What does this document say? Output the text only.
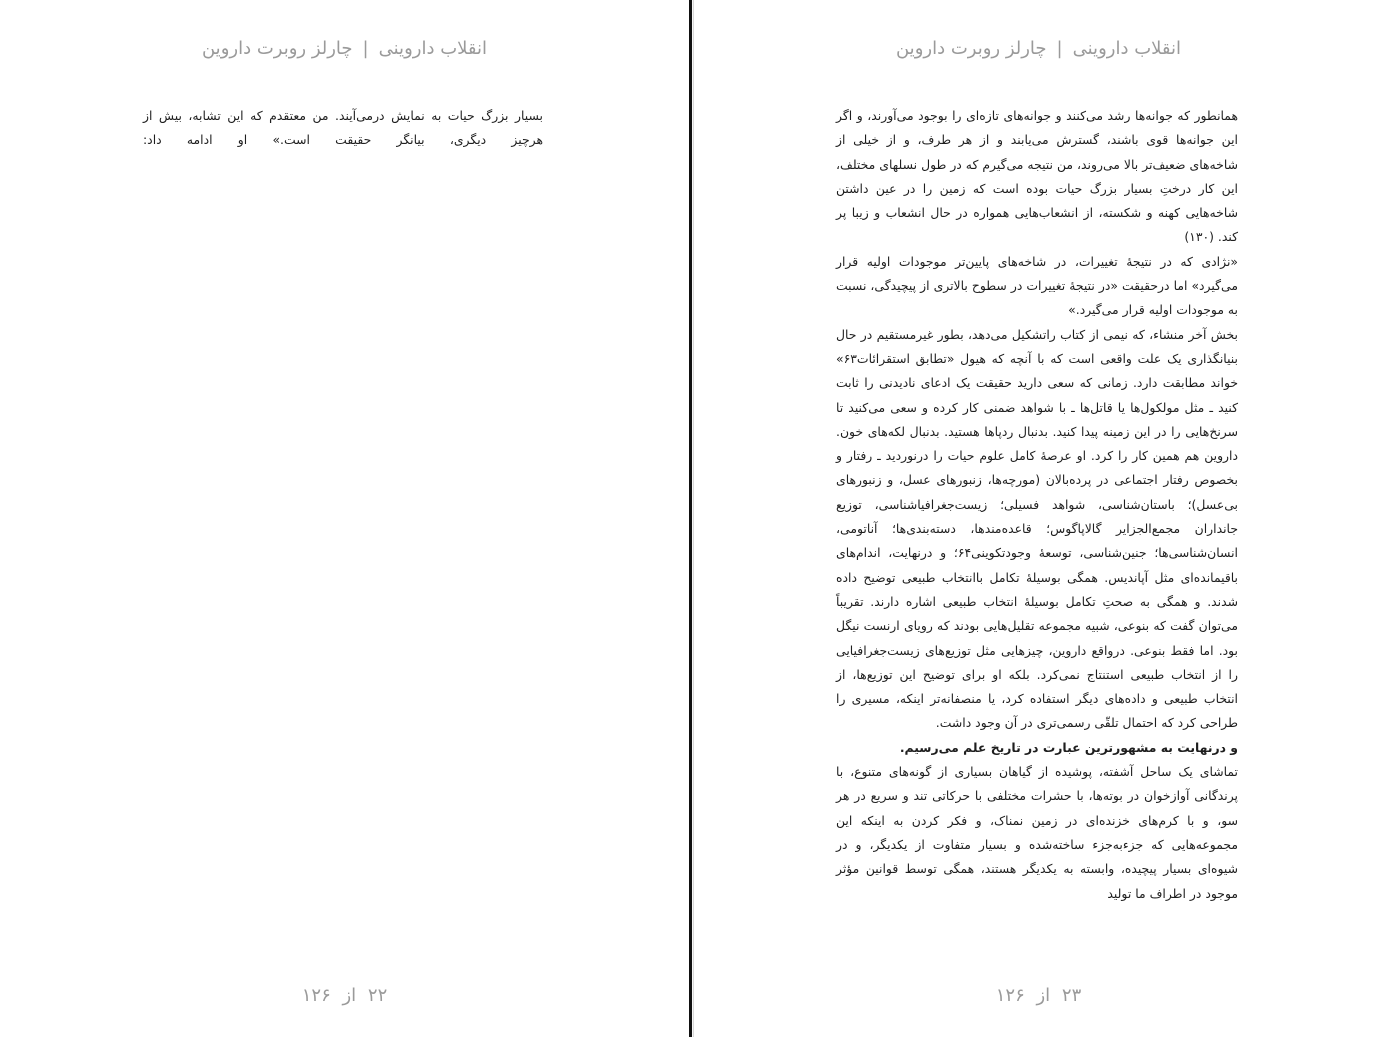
انقلاب داروینی|چارلز روبرت داروین

بسیار بزرگ حیات به نمایش درمی‌آیند. من معتقدم که این تشابه، بیش از هرچیز دیگری، بیانگر حقیقت است.» او ادامه داد:

۲۲ از ۱۲۶
انقلاب داروینی|چارلز روبرت داروین

همانطور که جوانه‌ها رشد می‌کنند و جوانه‌های تازه‌ای را بوجود می‌آورند، و اگر این جوانه‌ها قوی باشند، گسترش می‌یابند و از هر طرف، و از خیلی از شاخه‌های ضعیف‌تر بالا می‌روند، من نتیجه می‌گیرم که در طول نسلهای مختلف، این کار درختِ بسیار بزرگ حیات بوده است که زمین را در عین داشتن شاخه‌هایی کهنه و شکسته، از انشعاب‌هایی همواره در حال انشعاب و زیبا پر کند. (۱۳۰)

«نژادی که در نتیجهٔ تغییرات، در شاخه‌های پایین‌تر موجودات اولیه قرار می‌گیرد» اما درحقیقت «در نتیجهٔ تغییرات در سطوح بالاتری از پیچیدگی، نسبت به موجودات اولیه قرار می‌گیرد.»

بخش آخر منشاء، که نیمی از کتاب راتشکیل می‌دهد، بطور غیرمستقیم در حال بنیانگذاری یک علت واقعی است که با آنچه که هیول «تطابق استقرائات۶۳» خواند مطابقت دارد. زمانی که سعی دارید حقیقت یک ادعای نادیدنی را ثابت کنید ـ مثل مولکول‌ها یا قاتل‌ها ـ با شواهد ضمنی کار کرده و سعی می‌کنید تا سرنخ‌هایی را در این زمینه پیدا کنید. بدنبال ردپاها هستید. بدنبال لکه‌های خون. داروین هم همین کار را کرد. او عرصهٔ کامل علوم حیات را درنوردید ـ رفتار و بخصوص رفتار اجتماعی در پرده‌بالان (مورچه‌ها، زنبورهای عسل، و زنبورهای بی‌عسل)؛ باستان‌شناسی، شواهد فسیلی؛ زیست‌جغرافیاشناسی، توزیع جانداران مجمع‌الجزایر گالاپاگوس؛ قاعده‌مندها، دسته‌بندی‌ها؛ آناتومی، انسان‌شناسی‌ها؛ جنین‌شناسی، توسعهٔ وجودتکوینی۶۴؛ و درنهایت، اندام‌های باقیمانده‌ای مثل آپاندیس. همگی بوسیلهٔ تکامل باانتخاب طبیعی توضیح داده شدند. و همگی به صحتِ تکامل بوسیلهٔ انتخاب طبیعی اشاره دارند. تقریباً می‌توان گفت که بنوعی، شبیه مجموعه تقلیل‌هایی بودند که رویای ارنست نیگل بود. اما فقط بنوعی. درواقع داروین، چیزهایی مثل توزیع‌های زیست‌جغرافیایی را از انتخاب طبیعی استنتاج نمی‌کرد. بلکه او برای توضیح این توزیع‌ها، از انتخاب طبیعی و داده‌های دیگر استفاده کرد، یا منصفانه‌تر اینکه، مسیری را طراحی کرد که احتمال تلقّی رسمی‌تری در آن وجود داشت.

و درنهایت به مشهورترین عبارت در تاریخ علم می‌رسیم.

تماشای یک ساحل آشفته، پوشیده از گیاهان بسیاری از گونه‌های متنوع، با پرندگانی آوازخوان در بوته‌ها، با حشرات مختلفی با حرکاتی تند و سریع در هر سو، و با کرم‌های خزنده‌ای در زمین نمناک، و فکر کردن به اینکه این مجموعه‌هایی که جزءبه‌جزء ساخته‌شده و بسیار متفاوت از یکدیگر، و در شیوه‌ای بسیار پیچیده، وابسته به یکدیگر هستند، همگی توسط قوانین مؤثر موجود در اطراف ما تولید

۲۳ از ۱۲۶
